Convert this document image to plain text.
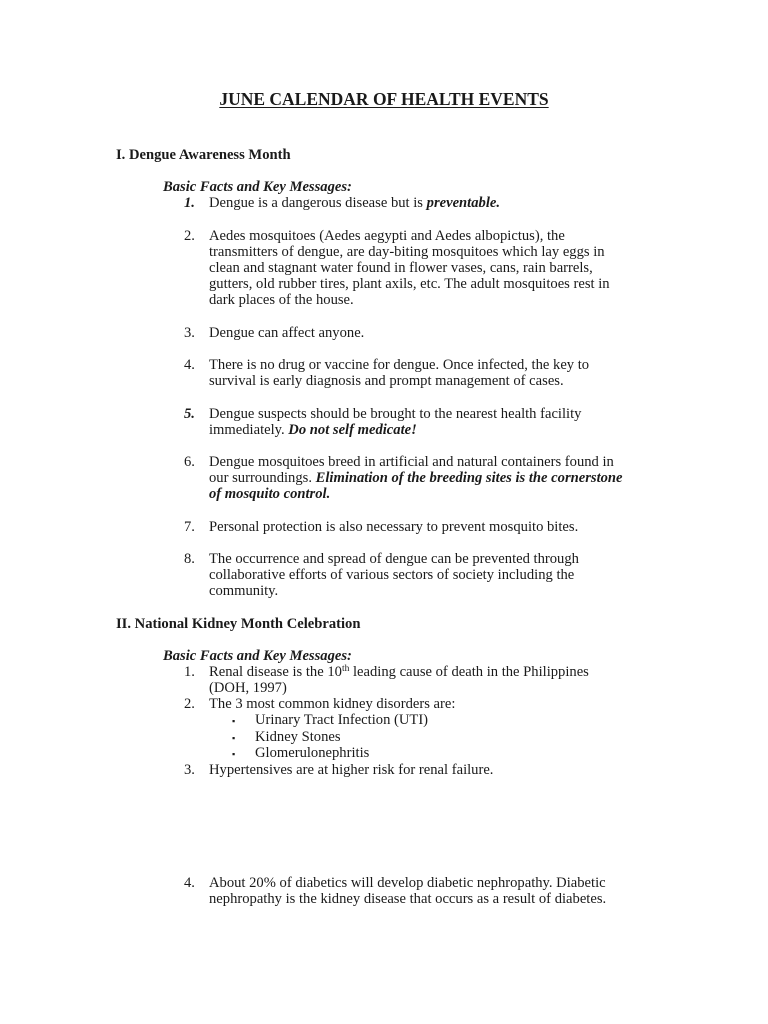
JUNE CALENDAR OF HEALTH EVENTS
I. Dengue Awareness Month
Basic Facts and Key Messages:
1. Dengue is a dangerous disease but is preventable.
2. Aedes mosquitoes (Aedes aegypti and Aedes albopictus), the
transmitters of dengue, are day-biting mosquitoes which lay eggs in
clean and stagnant water found in flower vases, cans, rain barrels,
gutters, old rubber tires, plant axils, etc. The adult mosquitoes rest in
dark places of the house.
3. Dengue can affect anyone.
4. There is no drug or vaccine for dengue. Once infected, the key to
survival is early diagnosis and prompt management of cases.
5. Dengue suspects should be brought to the nearest health facility
immediately. Do not self medicate!
6. Dengue mosquitoes breed in artificial and natural containers found in
our surroundings. Elimination of the breeding sites is the cornerstone
of mosquito control.
7. Personal protection is also necessary to prevent mosquito bites.
8. The occurrence and spread of dengue can be prevented through
collaborative efforts of various sectors of society including the
community.
II. National Kidney Month Celebration
Basic Facts and Key Messages:
1. Renal disease is the 10th leading cause of death in the Philippines
(DOH, 1997)
2. The 3 most common kidney disorders are:
▪ Urinary Tract Infection (UTI)
▪ Kidney Stones
▪ Glomerulonephritis
3. Hypertensives are at higher risk for renal failure.
4. About 20% of diabetics will develop diabetic nephropathy. Diabetic
nephropathy is the kidney disease that occurs as a result of diabetes.
